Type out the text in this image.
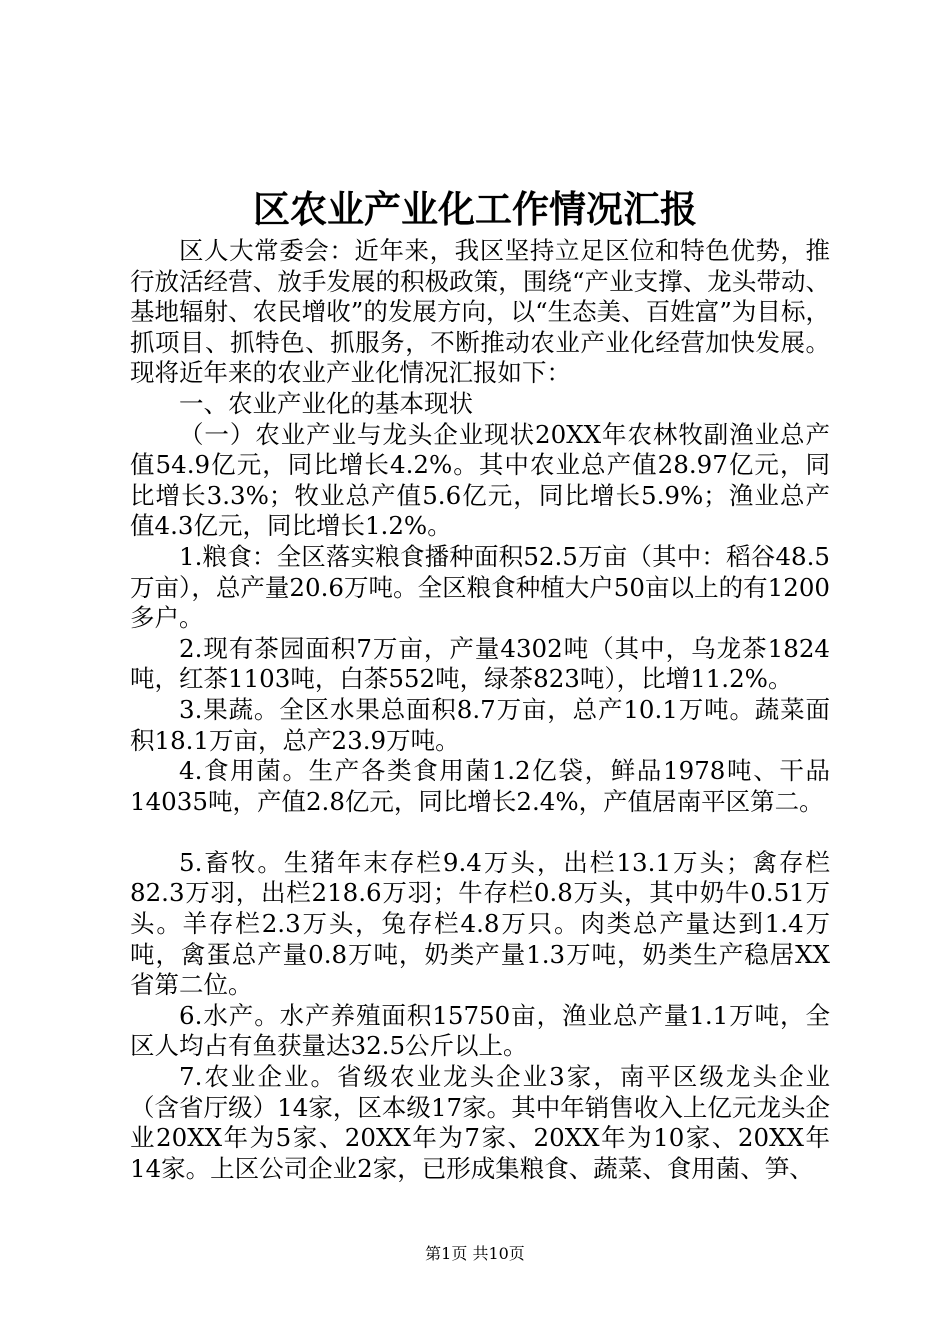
区农业产业化工作情况汇报

区人大常委会：近年来，我区坚持立足区位和特色优势，推行放活经营、放手发展的积极政策，围绕“产业支撑、龙头带动、基地辐射、农民增收”的发展方向，以“生态美、百姓富”为目标，抓项目、抓特色、抓服务，不断推动农业产业化经营加快发展。现将近年来的农业产业化情况汇报如下：

一、农业产业化的基本现状

（一）农业产业与龙头企业现状20XX年农林牧副渔业总产值54.9亿元，同比增长4.2%。其中农业总产值28.97亿元，同比增长3.3%；牧业总产值5.6亿元，同比增长5.9%；渔业总产值4.3亿元，同比增长1.2%。

1.粮食：全区落实粮食播种面积52.5万亩（其中：稻谷48.5万亩），总产量20.6万吨。全区粮食种植大户50亩以上的有1200多户。

2.现有茶园面积7万亩，产量4302吨（其中，乌龙茶1824吨，红茶1103吨，白茶552吨，绿茶823吨），比增11.2%。

3.果蔬。全区水果总面积8.7万亩，总产10.1万吨。蔬菜面积18.1万亩，总产23.9万吨。

4.食用菌。生产各类食用菌1.2亿袋，鲜品1978吨、干品14035吨，产值2.8亿元，同比增长2.4%，产值居南平区第二。

5.畜牧。生猪年末存栏9.4万头，出栏13.1万头；禽存栏82.3万羽，出栏218.6万羽；牛存栏0.8万头，其中奶牛0.51万头。羊存栏2.3万头，兔存栏4.8万只。肉类总产量达到1.4万吨，禽蛋总产量0.8万吨，奶类产量1.3万吨，奶类生产稳居XX省第二位。

6.水产。水产养殖面积15750亩，渔业总产量1.1万吨，全区人均占有鱼获量达32.5公斤以上。

7.农业企业。省级农业龙头企业3家，南平区级龙头企业（含省厅级）14家，区本级17家。其中年销售收入上亿元龙头企业20XX年为5家、20XX年为7家、20XX年为10家、20XX年14家。上区公司企业2家，已形成集粮食、蔬菜、食用菌、笋、

第1页 共10页
